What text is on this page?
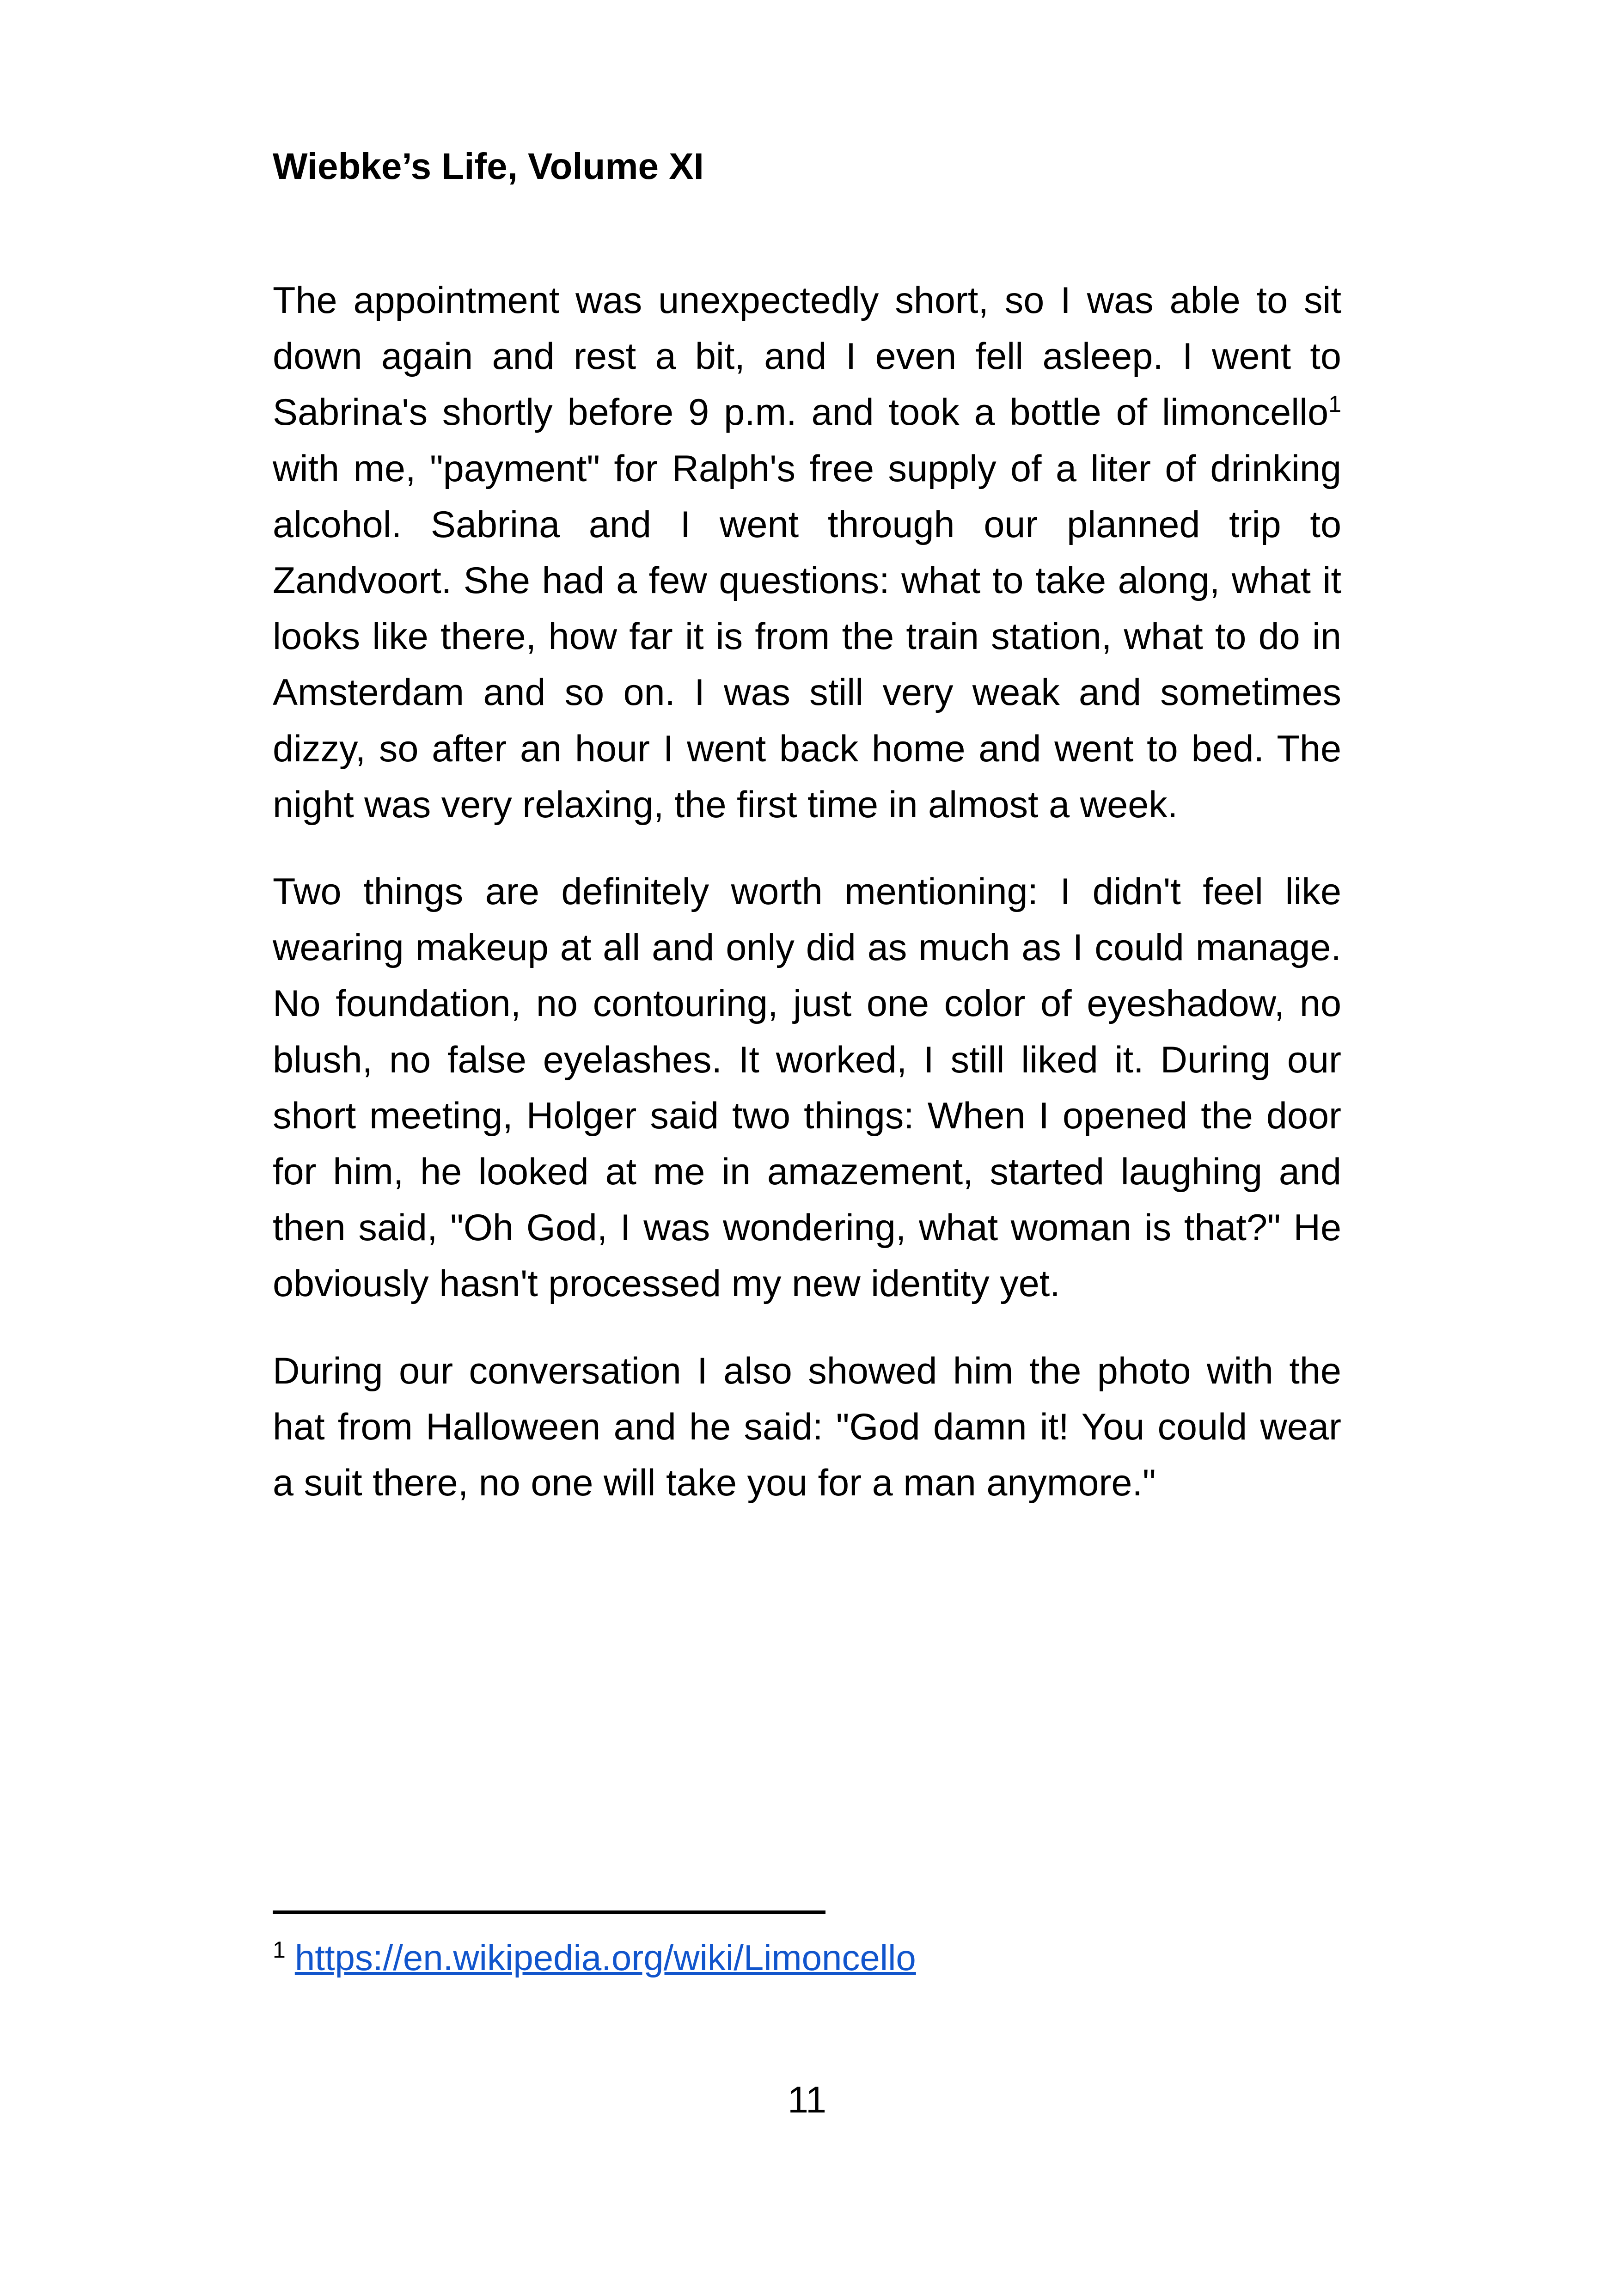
Wiebke’s Life, Volume XI

The appointment was unexpectedly short, so I was able to sit down again and rest a bit, and I even fell asleep. I went to Sabrina's shortly before 9 p.m. and took a bottle of limoncello$^1$ with me, "payment" for Ralph's free supply of a liter of drinking alcohol. Sabrina and I went through our planned trip to Zandvoort. She had a few questions: what to take along, what it looks like there, how far it is from the train station, what to do in Amsterdam and so on. I was still very weak and sometimes dizzy, so after an hour I went back home and went to bed. The night was very relaxing, the first time in almost a week.

Two things are definitely worth mentioning: I didn't feel like wearing makeup at all and only did as much as I could manage. No foundation, no contouring, just one color of eyeshadow, no blush, no false eyelashes. It worked, I still liked it. During our short meeting, Holger said two things: When I opened the door for him, he looked at me in amazement, started laughing and then said, "Oh God, I was wondering, what woman is that?" He obviously hasn't processed my new identity yet.

During our conversation I also showed him the photo with the hat from Halloween and he said: "God damn it! You could wear a suit there, no one will take you for a man anymore."

$^1$ https://en.wikipedia.org/wiki/Limoncello
11
